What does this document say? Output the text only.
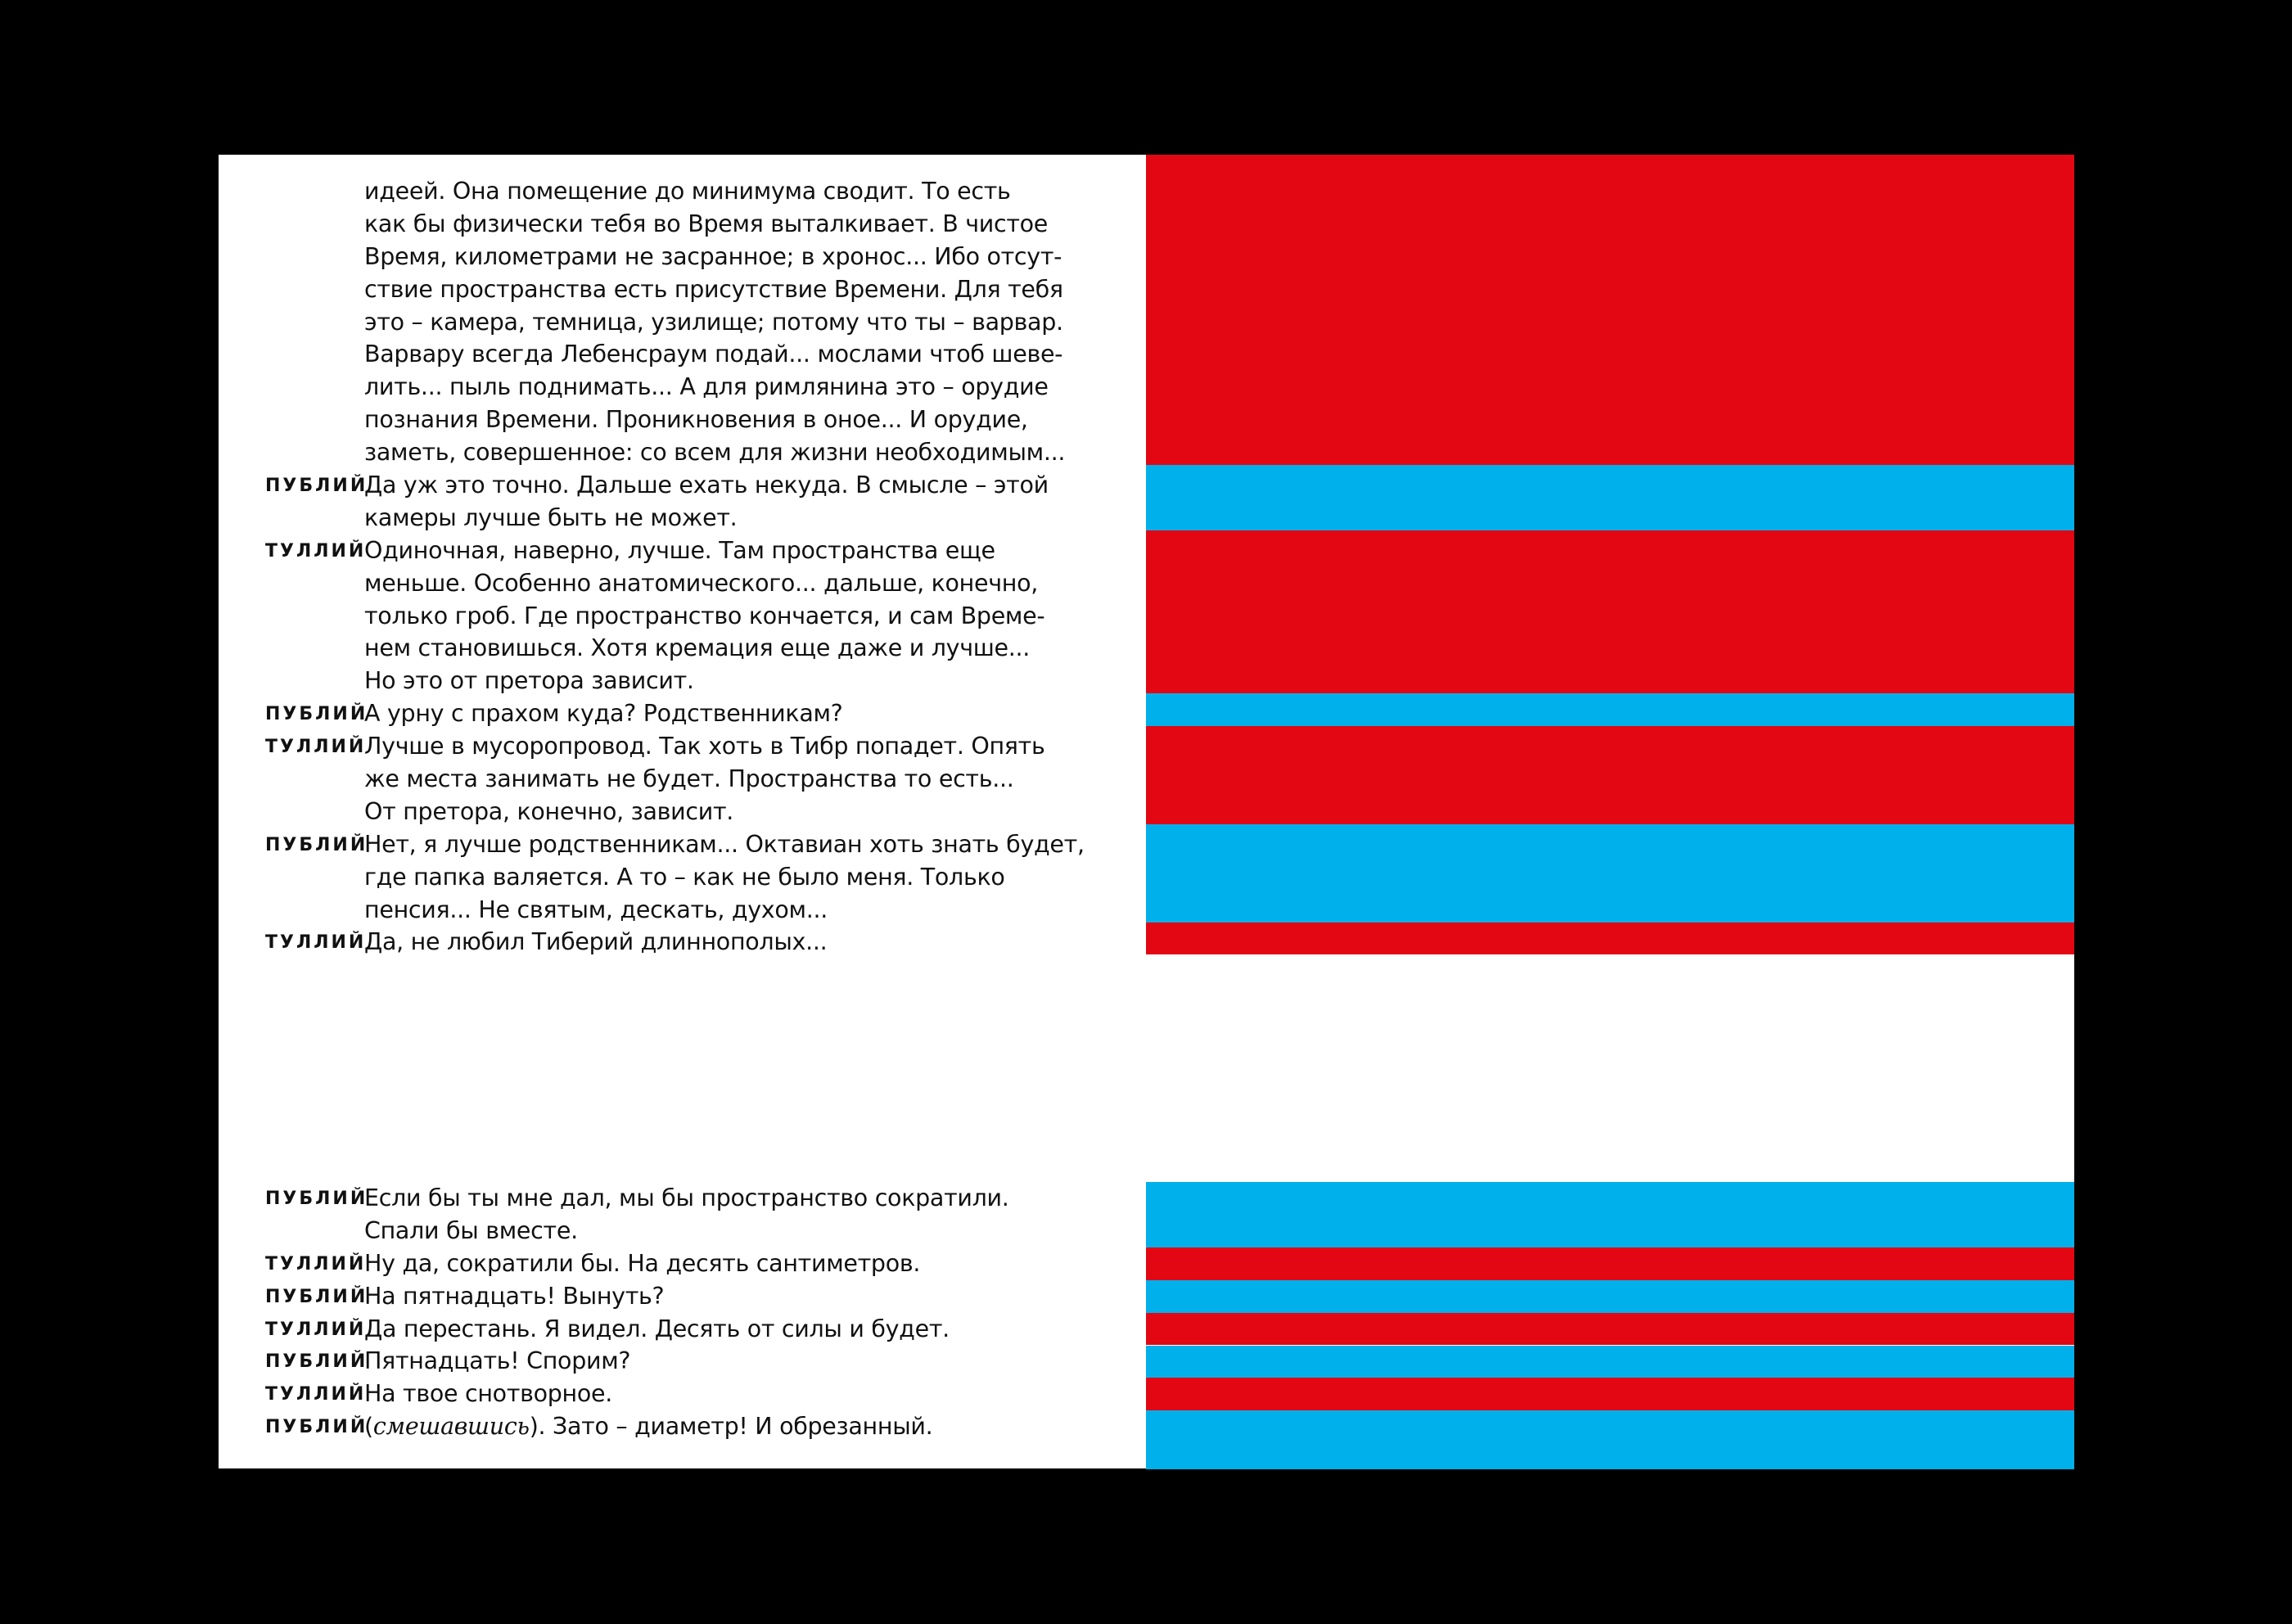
идеей. Она помещение до минимума сводит. То есть
как бы физически тебя во Время выталкивает. В чистое
Время, километрами не засранное; в хронос... Ибо отсут-
ствие пространства есть присутствие Времени. Для тебя
это – камера, темница, узилище; потому что ты – варвар.
Варвару всегда Лебенсраум подай... мослами чтоб шеве-
лить... пыль поднимать... А для римлянина это – орудие
познания Времени. Проникновения в оное... И орудие,
заметь, совершенное: со всем для жизни необходимым...
ПУБЛИЙ
Да уж это точно. Дальше ехать некуда. В смысле – этой
камеры лучше быть не может.
ТУЛЛИЙ
Одиночная, наверно, лучше. Там пространства еще
меньше. Особенно анатомического... дальше, конечно,
только гроб. Где пространство кончается, и сам Време-
нем становишься. Хотя кремация еще даже и лучше...
Но это от претора зависит.
ПУБЛИЙ
А урну с прахом куда? Родственникам?
ТУЛЛИЙ
Лучше в мусоропровод. Так хоть в Тибр попадет. Опять
же места занимать не будет. Пространства то есть...
От претора, конечно, зависит.
ПУБЛИЙ
Нет, я лучше родственникам... Октавиан хоть знать будет,
где папка валяется. А то – как не было меня. Только
пенсия... Не святым, дескать, духом...
ТУЛЛИЙ
Да, не любил Тиберий длиннополых...
ПУБЛИЙ
Если бы ты мне дал, мы бы пространство сократили.
Спали бы вместе.
ТУЛЛИЙ
Ну да, сократили бы. На десять сантиметров.
ПУБЛИЙ
На пятнадцать! Вынуть?
ТУЛЛИЙ
Да перестань. Я видел. Десять от силы и будет.
ПУБЛИЙ
Пятнадцать! Спорим?
ТУЛЛИЙ
На твое снотворное.
ПУБЛИЙ
(смешавшись). Зато – диаметр! И обрезанный.
